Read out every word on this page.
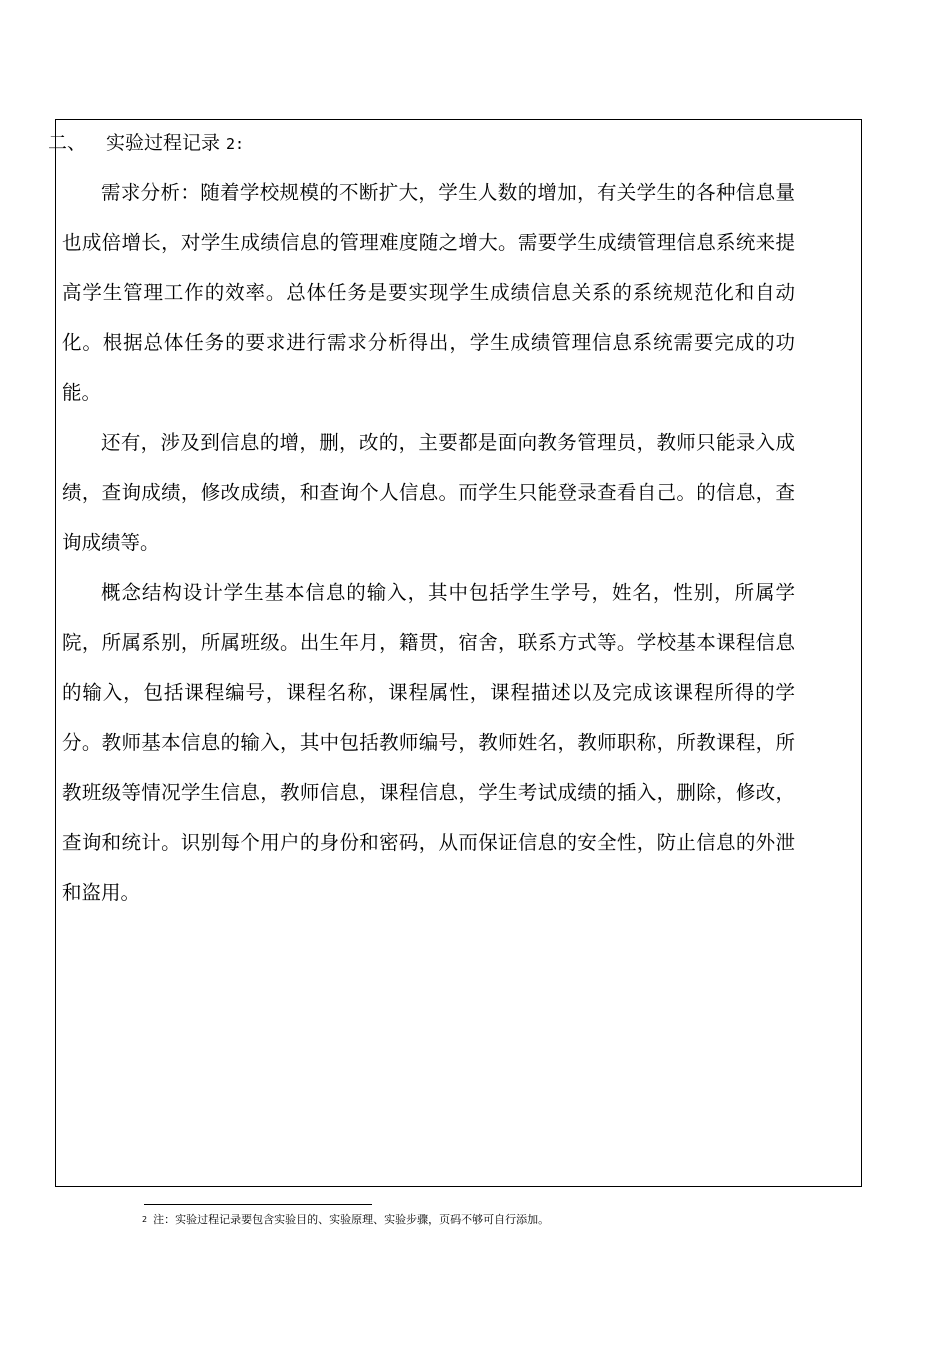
二、 实验过程记录 2:

需求分析：随着学校规模的不断扩大，学生人数的增加，有关学生的各种信息量也成倍增长，对学生成绩信息的管理难度随之增大。需要学生成绩管理信息系统来提高学生管理工作的效率。总体任务是要实现学生成绩信息关系的系统规范化和自动化。根据总体任务的要求进行需求分析得出，学生成绩管理信息系统需要完成的功能。

还有，涉及到信息的增，删，改的，主要都是面向教务管理员，教师只能录入成绩，查询成绩，修改成绩，和查询个人信息。而学生只能登录查看自己。的信息，查询成绩等。

概念结构设计学生基本信息的输入，其中包括学生学号，姓名，性别，所属学院，所属系别，所属班级。出生年月，籍贯，宿舍，联系方式等。学校基本课程信息的输入，包括课程编号，课程名称，课程属性，课程描述以及完成该课程所得的学分。教师基本信息的输入，其中包括教师编号，教师姓名，教师职称，所教课程，所教班级等情况学生信息，教师信息，课程信息，学生考试成绩的插入，删除，修改，查询和统计。识别每个用户的身份和密码，从而保证信息的安全性，防止信息的外泄和盗用。

$^2$ 注：实验过程记录要包含实验目的、实验原理、实验步骤，页码不够可自行添加。
